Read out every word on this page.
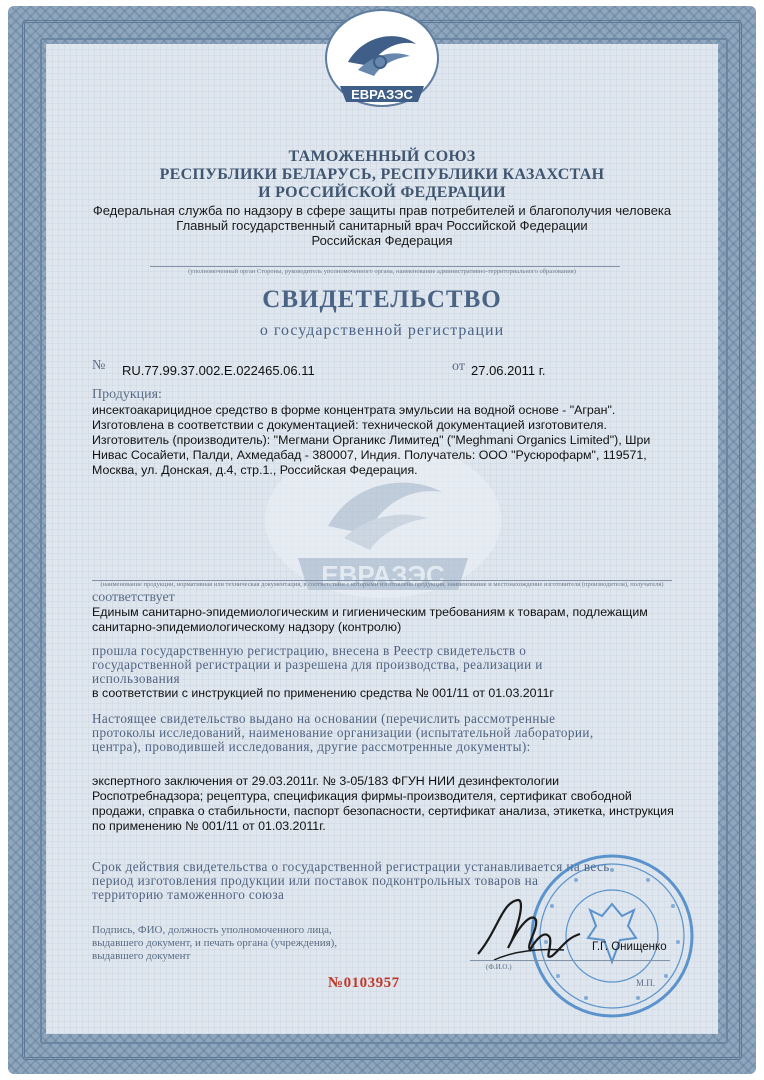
ЕВРАЗЭС
ЕВРАЗЭС
ТАМОЖЕННЫЙ СОЮЗ
РЕСПУБЛИКИ БЕЛАРУСЬ, РЕСПУБЛИКИ КАЗАХСТАН
И РОССИЙСКОЙ ФЕДЕРАЦИИ
Федеральная служба по надзору в сфере защиты прав потребителей и благополучия человека
Главный государственный санитарный врач Российской Федерации
Российская Федерация
(уполномоченный орган Стороны, руководитель уполномоченного органа, наименование административно-территориального образования)
СВИДЕТЕЛЬСТВО
о государственной регистрации
№ RU.77.99.37.002.Е.022465.06.11	от 27.06.2011 г.
Продукция:
инсектоакарицидное средство в форме концентрата эмульсии на водной основе - "Агран".
Изготовлена в соответствии с документацией: технической документацией изготовителя.
Изготовитель (производитель): "Мегмани Органикс Лимитед" ("Meghmani Organics Limited"), Шри
Нивас Сосайети, Палди, Ахмедабад - 380007, Индия. Получатель: ООО "Русюрофарм", 119571,
Москва, ул. Донская, д.4, стр.1., Российская Федерация.
(наименование продукции, нормативная или техническая документация, в соответствии с которыми изготовлена продукция, наименование и местонахождение изготовителя (производителя), получателя)
соответствует
Единым санитарно-эпидемиологическим и гигиеническим требованиям к товарам, подлежащим
санитарно-эпидемиологическому надзору (контролю)
прошла государственную регистрацию, внесена в Реестр свидетельств о
государственной регистрации и разрешена для производства, реализации и
использования
в соответствии с инструкцией по применению средства № 001/11 от 01.03.2011г
Настоящее свидетельство выдано на основании (перечислить рассмотренные
протоколы исследований, наименование организации (испытательной лаборатории,
центра), проводившей исследования, другие рассмотренные документы):
экспертного заключения от 29.03.2011г. № 3-05/183 ФГУН НИИ дезинфектологии
Роспотребнадзора; рецептура, спецификация фирмы-производителя, сертификат свободной
продажи, справка о стабильности, паспорт безопасности, сертификат анализа, этикетка, инструкция
по применению № 001/11 от 01.03.2011г.
Срок действия свидетельства о государственной регистрации устанавливается на весь
период изготовления продукции или поставок подконтрольных товаров на
территорию таможенного союза
Подпись, ФИО, должность уполномоченного лица,
выдавшего документ, и печать органа (учреждения),
выдавшего документ
Г.Г. Онищенко
(Ф.И.О.)
М.П.
№0103957
